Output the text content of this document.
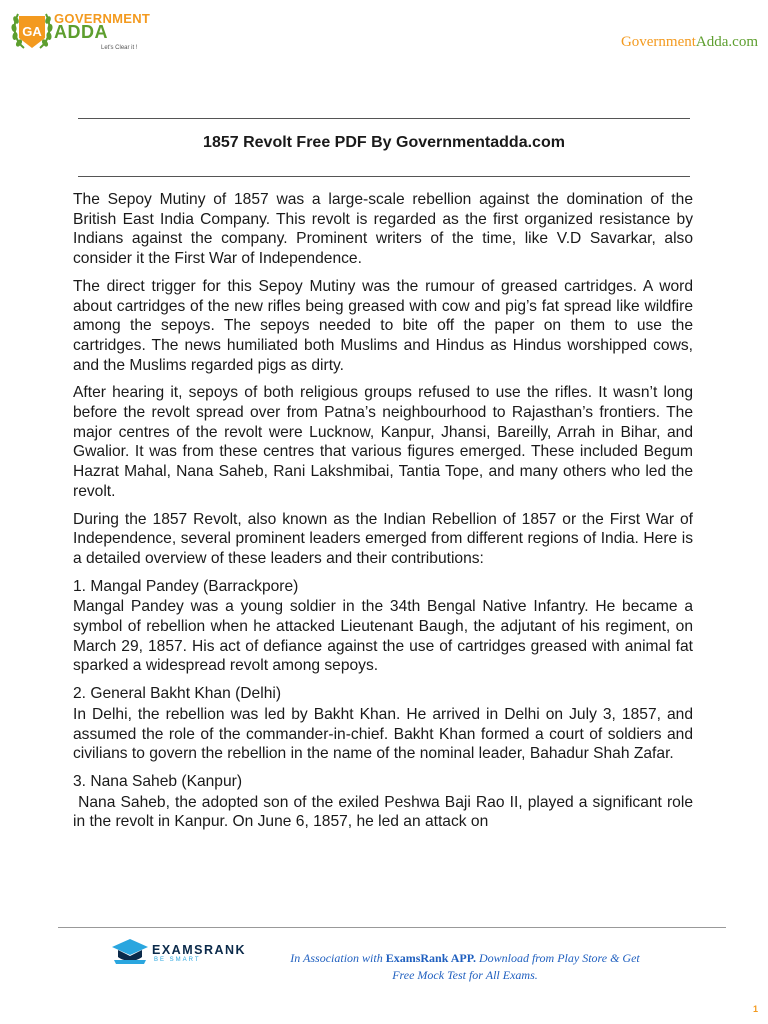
GA
GOVERNMENT
ADDA
Let's Clear it !	GovernmentAdda.com
1857 Revolt Free PDF By Governmentadda.com

The Sepoy Mutiny of 1857 was a large-scale rebellion against the domination of the British East India Company. This revolt is regarded as the first organized resistance by Indians against the company. Prominent writers of the time, like V.D Savarkar, also consider it the First War of Independence.

The direct trigger for this Sepoy Mutiny was the rumour of greased cartridges. A word about cartridges of the new rifles being greased with cow and pig’s fat spread like wildfire among the sepoys. The sepoys needed to bite off the paper on them to use the cartridges. The news humiliated both Muslims and Hindus as Hindus worshipped cows, and the Muslims regarded pigs as dirty.

After hearing it, sepoys of both religious groups refused to use the rifles. It wasn’t long before the revolt spread over from Patna’s neighbourhood to Rajasthan’s frontiers. The major centres of the revolt were Lucknow, Kanpur, Jhansi, Bareilly, Arrah in Bihar, and Gwalior. It was from these centres that various figures emerged. These included Begum Hazrat Mahal, Nana Saheb, Rani Lakshmibai, Tantia Tope, and many others who led the revolt.

During the 1857 Revolt, also known as the Indian Rebellion of 1857 or the First War of Independence, several prominent leaders emerged from different regions of India. Here is a detailed overview of these leaders and their contributions:

1. Mangal Pandey (Barrackpore)

Mangal Pandey was a young soldier in the 34th Bengal Native Infantry. He became a symbol of rebellion when he attacked Lieutenant Baugh, the adjutant of his regiment, on March 29, 1857. His act of defiance against the use of cartridges greased with animal fat sparked a widespread revolt among sepoys.

2. General Bakht Khan (Delhi)

In Delhi, the rebellion was led by Bakht Khan. He arrived in Delhi on July 3, 1857, and assumed the role of the commander-in-chief. Bakht Khan formed a court of soldiers and civilians to govern the rebellion in the name of the nominal leader, Bahadur Shah Zafar.

3. Nana Saheb (Kanpur)

Nana Saheb, the adopted son of the exiled Peshwa Baji Rao II, played a significant role in the revolt in Kanpur. On June 6, 1857, he led an attack on

EXAMSRANK
BE SMART	In Association with ExamsRank APP. Download from Play Store & Get
Free Mock Test for All Exams.
1
